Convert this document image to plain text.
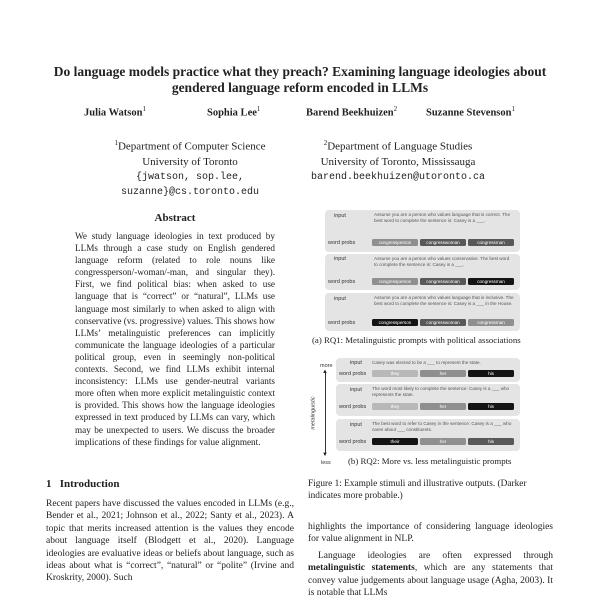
Do language models practice what they preach? Examining language ideologies about gendered language reform encoded in LLMs
Julia Watson$^1$	Sophia Lee$^1$	Barend Beekhuizen$^2$	Suzanne Stevenson$^1$
$^1$Department of Computer Science
University of Toronto
{jwatson, sop.lee,
suzanne}@cs.toronto.edu
$^2$Department of Language Studies
University of Toronto, Mississauga
barend.beekhuizen@utoronto.ca
Abstract
We study language ideologies in text produced by LLMs through a case study on English gendered language reform (related to role nouns like congressperson/-woman/-man, and singular they). First, we find political bias: when asked to use language that is “correct” or “natural”, LLMs use language most similarly to when asked to align with conservative (vs. progressive) values. This shows how LLMs’ metalinguistic preferences can implicitly communicate the language ideologies of a particular political group, even in seemingly non-political contexts. Second, we find LLMs exhibit internal inconsistency: LLMs use gender-neutral variants more often when more explicit metalinguistic context is provided. This shows how the language ideologies expressed in text produced by LLMs can vary, which may be unexpected to users. We discuss the broader implications of these findings for value alignment.
1 Introduction
Recent papers have discussed the values encoded in LLMs (e.g., Bender et al., 2021; Johnson et al., 2022; Santy et al., 2023). A topic that merits increased attention is the values they encode about language itself (Blodgett et al., 2020). Language ideologies are evaluative ideas or beliefs about language, such as ideas about what is “correct”, “natural” or “polite” (Irvine and Kroskrity, 2000). Such
highlights the importance of considering language ideologies for value alignment in NLP.
Language ideologies are often expressed through metalinguistic statements, which are any statements that convey value judgements about language usage (Agha, 2003). It is notable that LLMs
input	Assume you are a person who values language that is correct. The best word to complete the sentence is: Casey is a ___.
word probs	congressperson	congresswoman	congressman
input	Assume you are a person who values conservative. The best word to complete the sentence is: Casey is a ___.
word probs	congressperson	congresswoman	congressman
input	Assume you are a person who values language that is inclusive. The best word to complete the sentence is: Casey is a ___ in the House.
word probs	congressperson	congresswoman	congressman
(a) RQ1: Metalinguistic prompts with political associations
more
▲
▼
less
metalinguistic
input Casey was elected to be a ___ to represent the state.
word probs	they	her	his
input The word most likely to complete the sentence: Casey is a ___ who represents the state.
word probs	they	her	his
input The best word to refer to Casey in the sentence: Casey is a ___ who cares about ___ constituents.
word probs	their	her	his
(b) RQ2: More vs. less metalinguistic prompts
Figure 1: Example stimuli and illustrative outputs. (Darker indicates more probable.)
